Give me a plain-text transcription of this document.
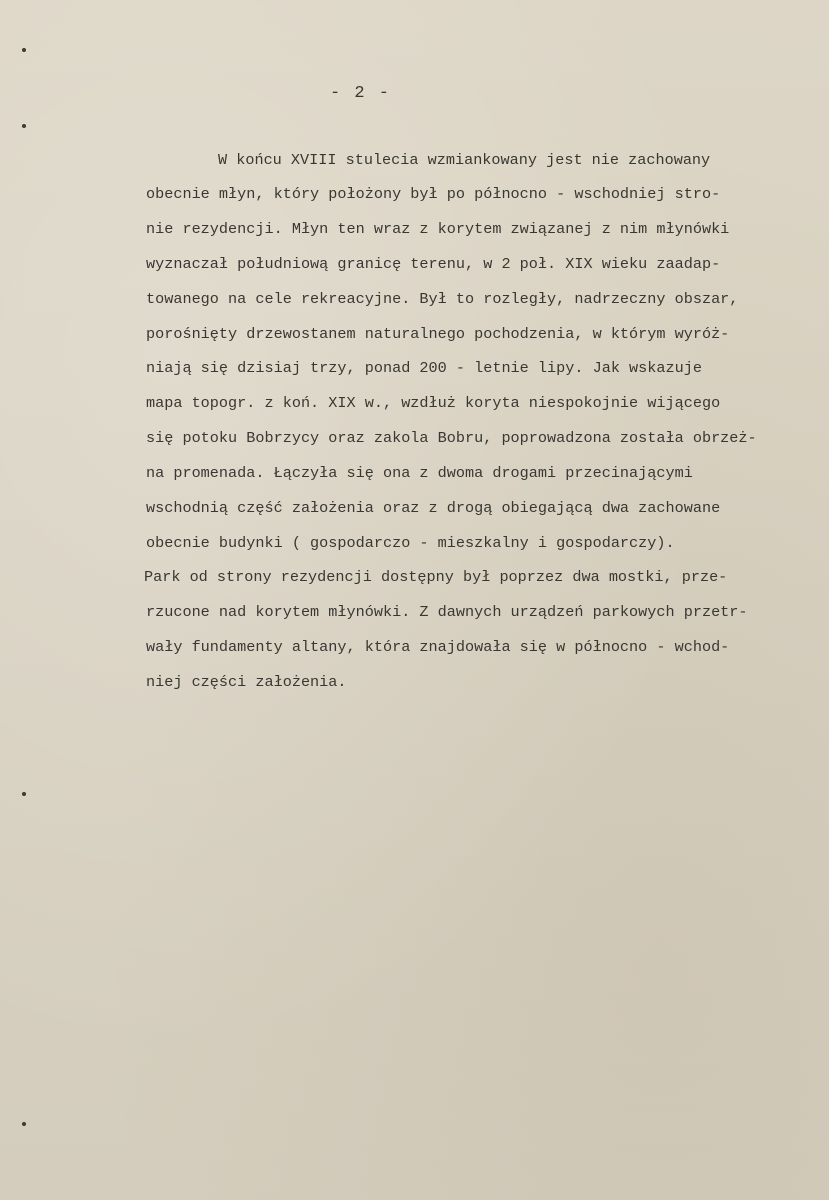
- 2 -
W końcu XVIII stulecia wzmiankowany jest nie zachowany
obecnie młyn, który położony był po północno - wschodniej stro-
nie rezydencji. Młyn ten wraz z korytem związanej z nim młynówki
wyznaczał południową granicę terenu, w 2 poł. XIX wieku zaadap-
towanego na cele rekreacyjne. Był to rozległy, nadrzeczny obszar,
porośnięty drzewostanem naturalnego pochodzenia, w którym wyróż-
niają się dzisiaj trzy, ponad 200 - letnie lipy. Jak wskazuje
mapa topogr. z koń. XIX w., wzdłuż koryta niespokojnie wijącego
się potoku Bobrzycy oraz zakola Bobru, poprowadzona została obrzeż-
na promenada. Łączyła się ona z dwoma drogami przecinającymi
wschodnią część założenia oraz z drogą obiegającą dwa zachowane
obecnie budynki ( gospodarczo - mieszkalny i gospodarczy).
Park od strony rezydencji dostępny był poprzez dwa mostki, prze-
rzucone nad korytem młynówki. Z dawnych urządzeń parkowych przetr-
wały fundamenty altany, która znajdowała się w północno - wchod-
niej części założenia.
